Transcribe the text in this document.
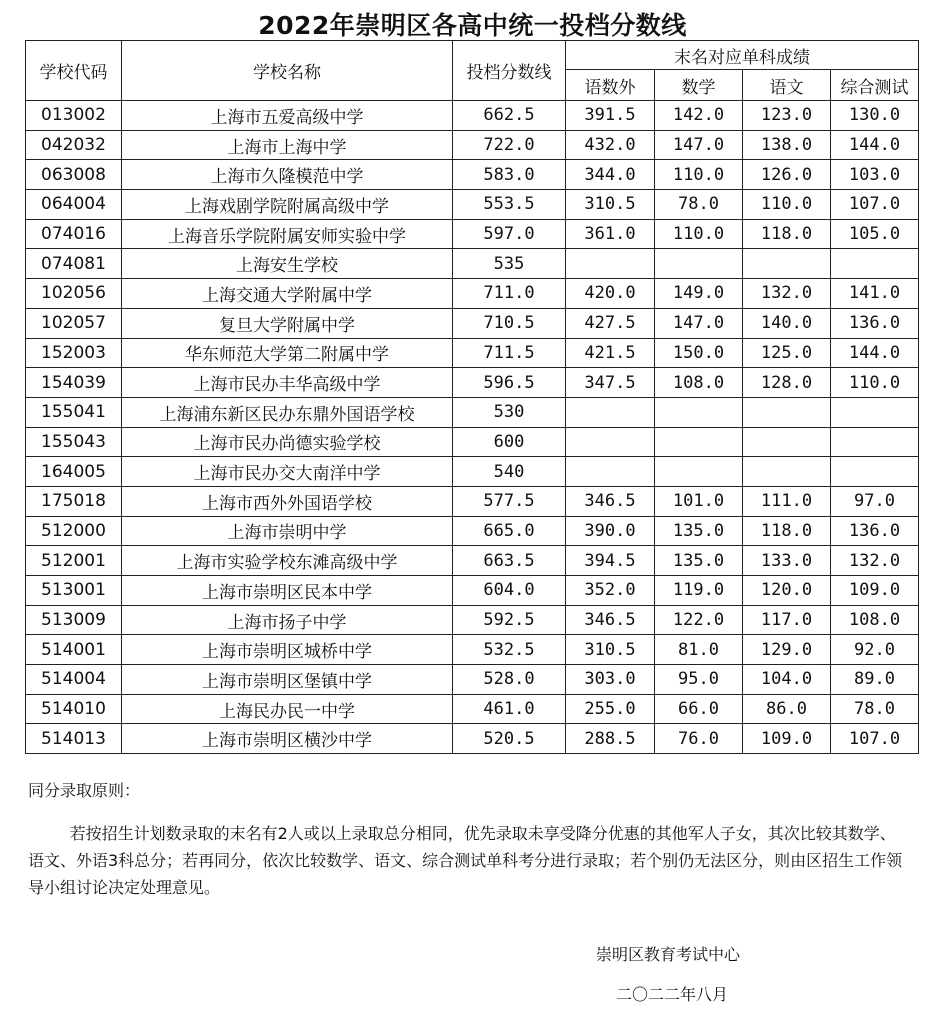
2022年崇明区各高中统一投档分数线
学校代码	学校名称	投档分数线	末名对应单科成绩			
			语数外	数学	语文	综合测试
013002	上海市五爱高级中学	662.5	391.5	142.0	123.0	130.0
042032	上海市上海中学	722.0	432.0	147.0	138.0	144.0
063008	上海市久隆模范中学	583.0	344.0	110.0	126.0	103.0
064004	上海戏剧学院附属高级中学	553.5	310.5	78.0	110.0	107.0
074016	上海音乐学院附属安师实验中学	597.0	361.0	110.0	118.0	105.0
074081	上海安生学校	535				
102056	上海交通大学附属中学	711.0	420.0	149.0	132.0	141.0
102057	复旦大学附属中学	710.5	427.5	147.0	140.0	136.0
152003	华东师范大学第二附属中学	711.5	421.5	150.0	125.0	144.0
154039	上海市民办丰华高级中学	596.5	347.5	108.0	128.0	110.0
155041	上海浦东新区民办东鼎外国语学校	530				
155043	上海市民办尚德实验学校	600				
164005	上海市民办交大南洋中学	540				
175018	上海市西外外国语学校	577.5	346.5	101.0	111.0	97.0
512000	上海市崇明中学	665.0	390.0	135.0	118.0	136.0
512001	上海市实验学校东滩高级中学	663.5	394.5	135.0	133.0	132.0
513001	上海市崇明区民本中学	604.0	352.0	119.0	120.0	109.0
513009	上海市扬子中学	592.5	346.5	122.0	117.0	108.0
514001	上海市崇明区城桥中学	532.5	310.5	81.0	129.0	92.0
514004	上海市崇明区堡镇中学	528.0	303.0	95.0	104.0	89.0
514010	上海民办民一中学	461.0	255.0	66.0	86.0	78.0
514013	上海市崇明区横沙中学	520.5	288.5	76.0	109.0	107.0
同分录取原则：
若按招生计划数录取的末名有2人或以上录取总分相同，优先录取未享受降分优惠的其他军人子女，其次比较其数学、语文、外语3科总分；若再同分，依次比较数学、语文、综合测试单科考分进行录取；若个别仍无法区分，则由区招生工作领导小组讨论决定处理意见。
崇明区教育考试中心
二〇二二年八月
